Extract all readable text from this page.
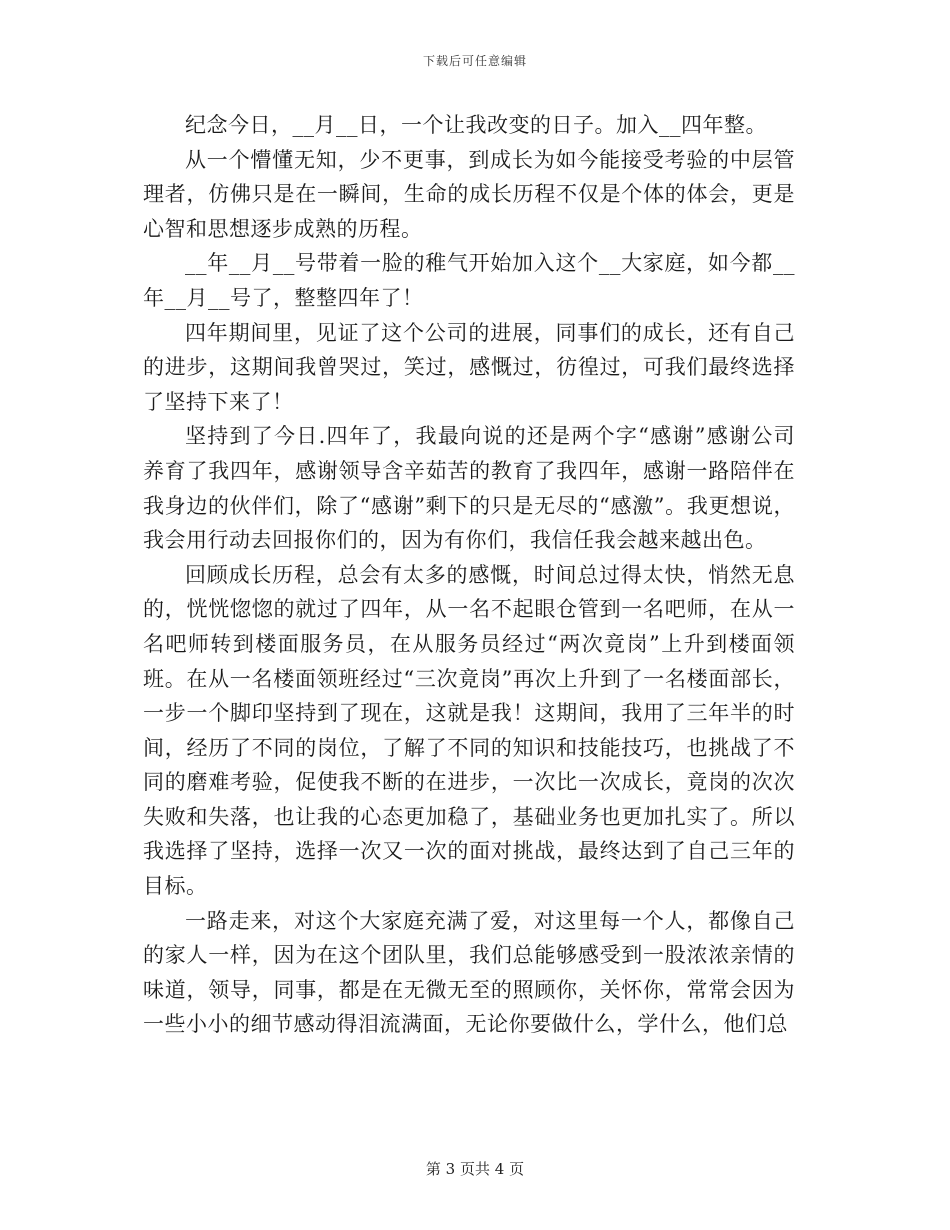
下载后可任意编辑

纪念今日，__月__日，一个让我改变的日子。加入__四年整。

从一个懵懂无知，少不更事，到成长为如今能接受考验的中层管理者，仿佛只是在一瞬间，生命的成长历程不仅是个体的体会，更是心智和思想逐步成熟的历程。

__年__月__号带着一脸的稚气开始加入这个__大家庭，如今都__年__月__号了，整整四年了！

四年期间里，见证了这个公司的进展，同事们的成长，还有自己的进步，这期间我曾哭过，笑过，感慨过，彷徨过，可我们最终选择了坚持下来了！

坚持到了今日.四年了，我最向说的还是两个字“感谢”感谢公司养育了我四年，感谢领导含辛茹苦的教育了我四年，感谢一路陪伴在我身边的伙伴们，除了“感谢”剩下的只是无尽的“感激”。我更想说，我会用行动去回报你们的，因为有你们，我信任我会越来越出色。

回顾成长历程，总会有太多的感慨，时间总过得太快，悄然无息的，恍恍惚惚的就过了四年，从一名不起眼仓管到一名吧师，在从一名吧师转到楼面服务员，在从服务员经过“两次竟岗”上升到楼面领班。在从一名楼面领班经过“三次竟岗”再次上升到了一名楼面部长，一步一个脚印坚持到了现在，这就是我！这期间，我用了三年半的时间，经历了不同的岗位，了解了不同的知识和技能技巧，也挑战了不同的磨难考验，促使我不断的在进步，一次比一次成长，竟岗的次次失败和失落，也让我的心态更加稳了，基础业务也更加扎实了。所以我选择了坚持，选择一次又一次的面对挑战，最终达到了自己三年的目标。

一路走来，对这个大家庭充满了爱，对这里每一个人，都像自己的家人一样，因为在这个团队里，我们总能够感受到一股浓浓亲情的味道，领导，同事，都是在无微无至的照顾你，关怀你，常常会因为一些小小的细节感动得泪流满面，无论你要做什么，学什么，他们总

第 3 页共 4 页
